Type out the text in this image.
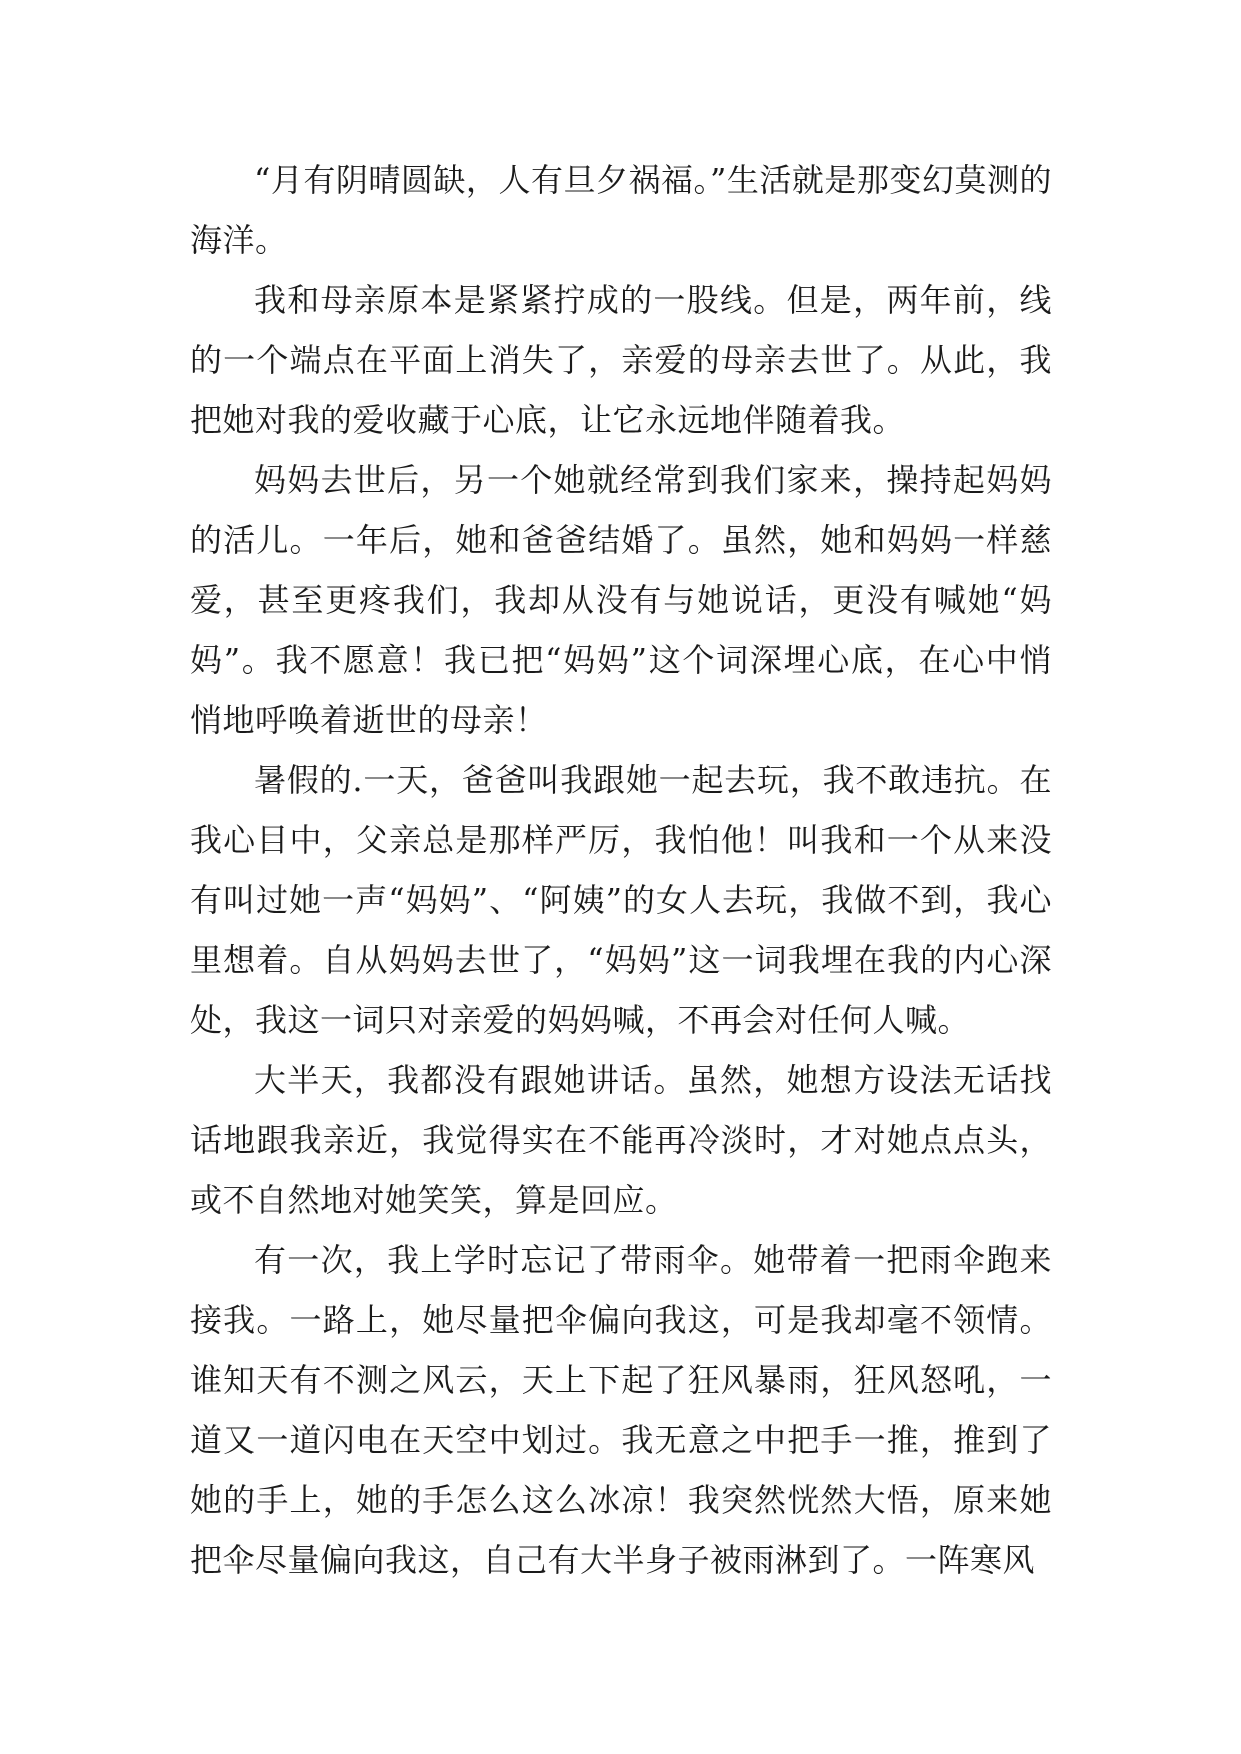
“月有阴晴圆缺，人有旦夕祸福。”生活就是那变幻莫测的海洋。

我和母亲原本是紧紧拧成的一股线。但是，两年前，线的一个端点在平面上消失了，亲爱的母亲去世了。从此，我把她对我的爱收藏于心底，让它永远地伴随着我。

妈妈去世后，另一个她就经常到我们家来，操持起妈妈的活儿。一年后，她和爸爸结婚了。虽然，她和妈妈一样慈爱，甚至更疼我们，我却从没有与她说话，更没有喊她“妈妈”。我不愿意！我已把“妈妈”这个词深埋心底，在心中悄悄地呼唤着逝世的母亲！

暑假的.一天，爸爸叫我跟她一起去玩，我不敢违抗。在我心目中，父亲总是那样严厉，我怕他！叫我和一个从来没有叫过她一声“妈妈”、“阿姨”的女人去玩，我做不到，我心里想着。自从妈妈去世了，“妈妈”这一词我埋在我的内心深处，我这一词只对亲爱的妈妈喊，不再会对任何人喊。

大半天，我都没有跟她讲话。虽然，她想方设法无话找话地跟我亲近，我觉得实在不能再冷淡时，才对她点点头，或不自然地对她笑笑，算是回应。

有一次，我上学时忘记了带雨伞。她带着一把雨伞跑来接我。一路上，她尽量把伞偏向我这，可是我却毫不领情。谁知天有不测之风云，天上下起了狂风暴雨，狂风怒吼，一道又一道闪电在天空中划过。我无意之中把手一推，推到了她的手上，她的手怎么这么冰凉！我突然恍然大悟，原来她把伞尽量偏向我这，自己有大半身子被雨淋到了。一阵寒风
